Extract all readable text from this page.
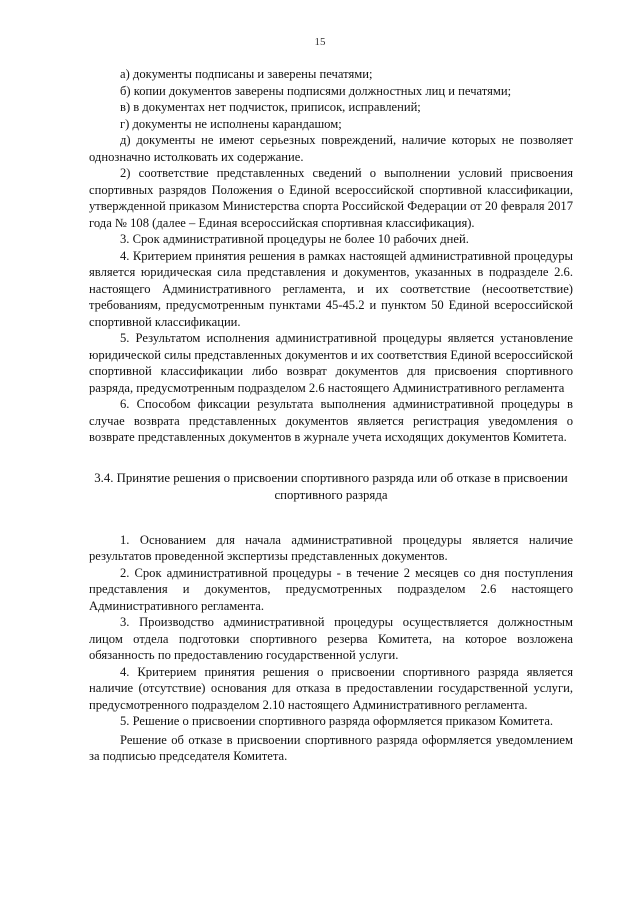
15

а) документы подписаны и заверены печатями;

б) копии документов заверены подписями должностных лиц и печатями;

в) в документах нет подчисток, приписок, исправлений;

г) документы не исполнены карандашом;

д) документы не имеют серьезных повреждений, наличие которых не позволяет однозначно истолковать их содержание.

2) соответствие представленных сведений о выполнении условий присвоения спортивных разрядов Положения о Единой всероссийской спортивной классификации, утвержденной приказом Министерства спорта Российской Федерации от 20 февраля 2017 года № 108 (далее – Единая всероссийская спортивная классификация).

3. Срок административной процедуры не более 10 рабочих дней.

4. Критерием принятия решения в рамках настоящей административной процедуры является юридическая сила представления и документов, указанных в подразделе 2.6. настоящего Административного регламента, и их соответствие (несоответствие) требованиям, предусмотренным пунктами 45-45.2 и пунктом 50 Единой всероссийской спортивной классификации.

5. Результатом исполнения административной процедуры является установление юридической силы представленных документов и их соответствия Единой всероссийской спортивной классификации либо возврат документов для присвоения спортивного разряда, предусмотренным подразделом 2.6 настоящего Административного регламента

6. Способом фиксации результата выполнения административной процедуры в случае возврата представленных документов является регистрация уведомления о возврате представленных документов в журнале учета исходящих документов Комитета.

3.4. Принятие решения о присвоении спортивного разряда или об отказе в присвоении спортивного разряда

1. Основанием для начала административной процедуры является наличие результатов проведенной экспертизы представленных документов.

2. Срок административной процедуры - в течение 2 месяцев со дня поступления представления и документов, предусмотренных подразделом 2.6 настоящего Административного регламента.

3. Производство административной процедуры осуществляется должностным лицом отдела подготовки спортивного резерва Комитета, на которое возложена обязанность по предоставлению государственной услуги.

4. Критерием принятия решения о присвоении спортивного разряда является наличие (отсутствие) основания для отказа в предоставлении государственной услуги, предусмотренного подразделом 2.10 настоящего Административного регламента.

5. Решение о присвоении спортивного разряда оформляется приказом Комитета.

Решение об отказе в присвоении спортивного разряда оформляется уведомлением за подписью председателя Комитета.
